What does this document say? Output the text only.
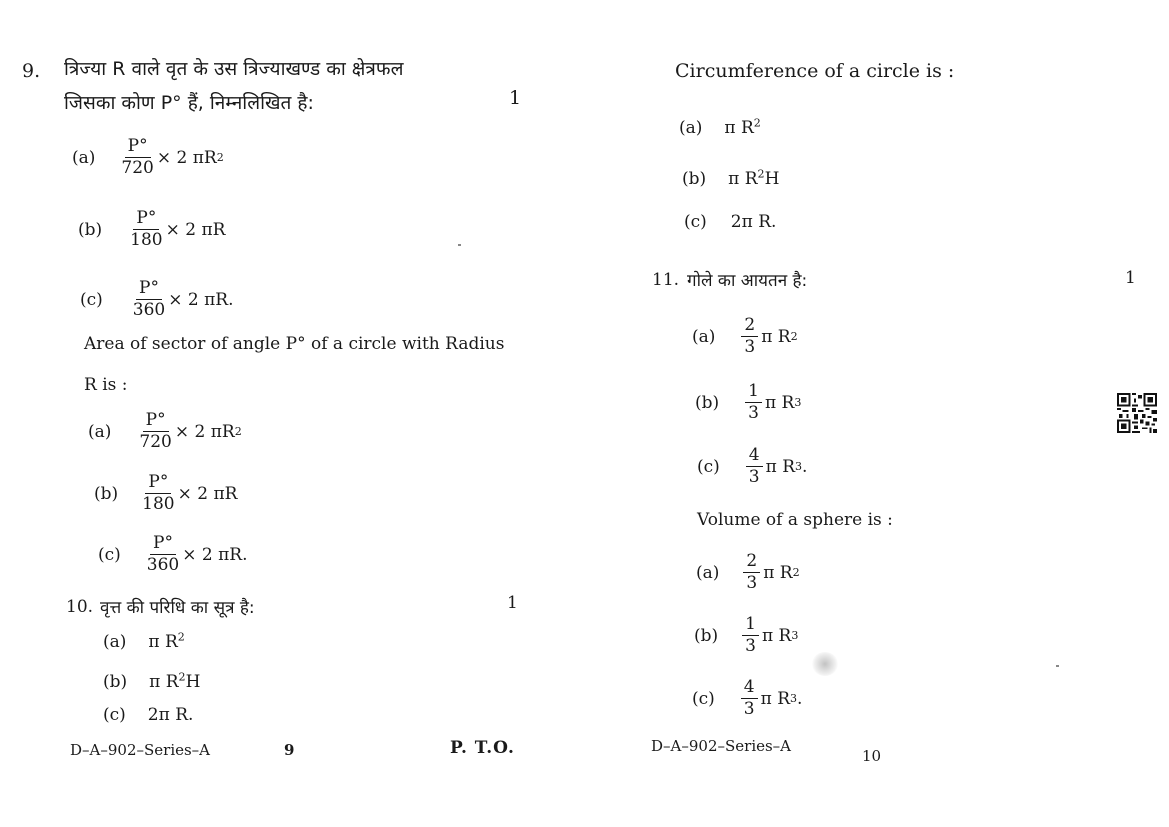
9. त्रिज्या R वाले वृत के उस त्रिज्याखण्ड का क्षेत्रफल
जिसका कोण P° हैं, निम्नलिखित है:	1
$(a) \frac{P^\circ}{720} \times 2$ πR 2
$(b) \frac{P^\circ}{180} \times 2$ πR
$(c) \frac{P^\circ}{360} \times 2$ πR.
Area of sector of angle P° of a circle with Radius
R is :
$(a) \frac{P^\circ}{720} \times 2$ πR 2
$(b) \frac{P^\circ}{180} \times 2$ πR
$(c) \frac{P^\circ}{360} \times 2$ πR.
10. वृत्त की परिधि का सूत्र है:	1
(a) π $R^2$
(b) π $R^2H$
(c) 2π R.
D–A–902–Series–A	9	P. T.O.
Circumference of a circle is :
(a) π $R^2$
(b) π $R^2H$
(c) 2π R.
11. गोले का आयतन है:	1
$(a) \frac{2}{3}$ π R 2
$(b) \frac{1}{3}$ π R 3
$(c) \frac{4}{3}$ π R 3 .
Volume of a sphere is :
$(a) \frac{2}{3}$ π R 2
$(b) \frac{1}{3}$ π R 3
$(c) \frac{4}{3}$ π R 3 .
D–A–902–Series–A
10
